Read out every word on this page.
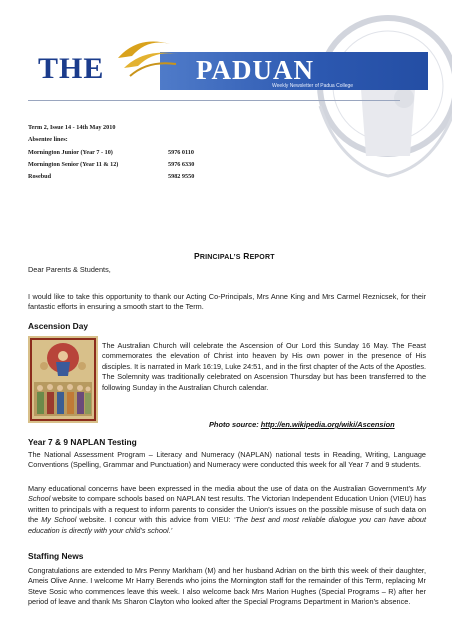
THE	PADUAN
Weekly Newsletter of Padua College
Term 2, Issue 14 - 14th May 2010
Absentee lines:
Mornington Junior (Year 7 - 10)	5976 0110
Mornington Senior (Year 11 & 12)	5976 6330
Rosebud	5982 9550
PRINCIPAL’S REPORT
Dear Parents & Students,
I would like to take this opportunity to thank our Acting Co-Principals, Mrs Anne King and Mrs Carmel Reznicsek, for their fantastic efforts in ensuring a smooth start to the Term.
Ascension Day
The Australian Church will celebrate the Ascension of Our Lord this Sunday 16 May. The Feast commemorates the elevation of Christ into heaven by His own power in the presence of His disciples. It is narrated in Mark 16:19, Luke 24:51, and in the first chapter of the Acts of the Apostles. The Solemnity was traditionally celebrated on Ascension Thursday but has been transferred to the following Sunday in the Australian Church calendar.
Photo source: http://en.wikipedia.org/wiki/Ascension
Year 7 & 9 NAPLAN Testing
The National Assessment Program – Literacy and Numeracy (NAPLAN) national tests in Reading, Writing, Language Conventions (Spelling, Grammar and Punctuation) and Numeracy were conducted this week for all Year 7 and 9 students.
Many educational concerns have been expressed in the media about the use of data on the Australian Government’s My School website to compare schools based on NAPLAN test results. The Victorian Independent Education Union (VIEU) has written to principals with a request to inform parents to consider the Union’s issues on the possible misuse of such data on the My School website. I concur with this advice from VIEU: ‘The best and most reliable dialogue you can have about education is directly with your child’s school.’
Staffing News
Congratulations are extended to Mrs Penny Markham (M) and her husband Adrian on the birth this week of their daughter, Ameis Olive Anne. I welcome Mr Harry Berends who joins the Mornington staff for the remainder of this Term, replacing Mr Steve Sosic who commences leave this week. I also welcome back Mrs Marion Hughes (Special Programs – R) after her period of leave and thank Ms Sharon Clayton who looked after the Special Programs Department in Marion’s absence.
